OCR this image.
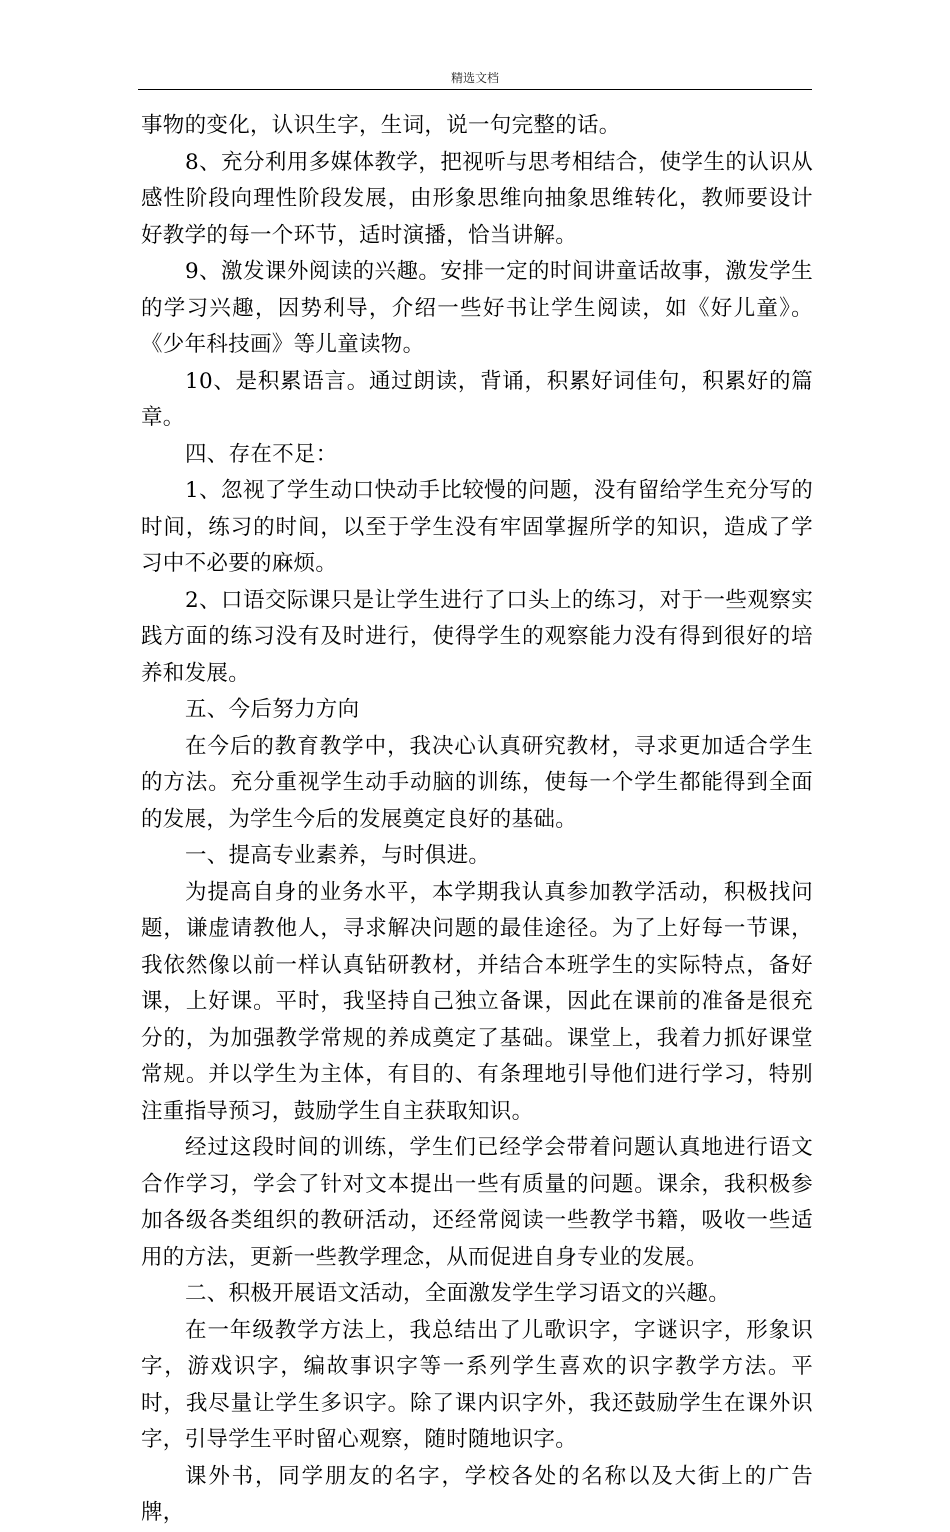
精选文档

事物的变化，认识生字，生词，说一句完整的话。

8、充分利用多媒体教学，把视听与思考相结合，使学生的认识从感性阶段向理性阶段发展，由形象思维向抽象思维转化，教师要设计好教学的每一个环节，适时演播，恰当讲解。

9、激发课外阅读的兴趣。安排一定的时间讲童话故事，激发学生的学习兴趣，因势利导，介绍一些好书让学生阅读，如《好儿童》。《少年科技画》等儿童读物。

10、是积累语言。通过朗读，背诵，积累好词佳句，积累好的篇章。

四、存在不足：

1、忽视了学生动口快动手比较慢的问题，没有留给学生充分写的时间，练习的时间，以至于学生没有牢固掌握所学的知识，造成了学习中不必要的麻烦。

2、口语交际课只是让学生进行了口头上的练习，对于一些观察实践方面的练习没有及时进行，使得学生的观察能力没有得到很好的培养和发展。

五、今后努力方向

在今后的教育教学中，我决心认真研究教材，寻求更加适合学生的方法。充分重视学生动手动脑的训练，使每一个学生都能得到全面的发展，为学生今后的发展奠定良好的基础。

一、提高专业素养，与时俱进。

为提高自身的业务水平，本学期我认真参加教学活动，积极找问题，谦虚请教他人，寻求解决问题的最佳途径。为了上好每一节课，我依然像以前一样认真钻研教材，并结合本班学生的实际特点，备好课，上好课。平时，我坚持自己独立备课，因此在课前的准备是很充分的，为加强教学常规的养成奠定了基础。课堂上，我着力抓好课堂常规。并以学生为主体，有目的、有条理地引导他们进行学习，特别注重指导预习，鼓励学生自主获取知识。

经过这段时间的训练，学生们已经学会带着问题认真地进行语文合作学习，学会了针对文本提出一些有质量的问题。课余，我积极参加各级各类组织的教研活动，还经常阅读一些教学书籍，吸收一些适用的方法，更新一些教学理念，从而促进自身专业的发展。

二、积极开展语文活动，全面激发学生学习语文的兴趣。

在一年级教学方法上，我总结出了儿歌识字，字谜识字，形象识字，游戏识字，编故事识字等一系列学生喜欢的识字教学方法。平时，我尽量让学生多识字。除了课内识字外，我还鼓励学生在课外识字，引导学生平时留心观察，随时随地识字。

课外书，同学朋友的名字，学校各处的名称以及大街上的广告牌，
